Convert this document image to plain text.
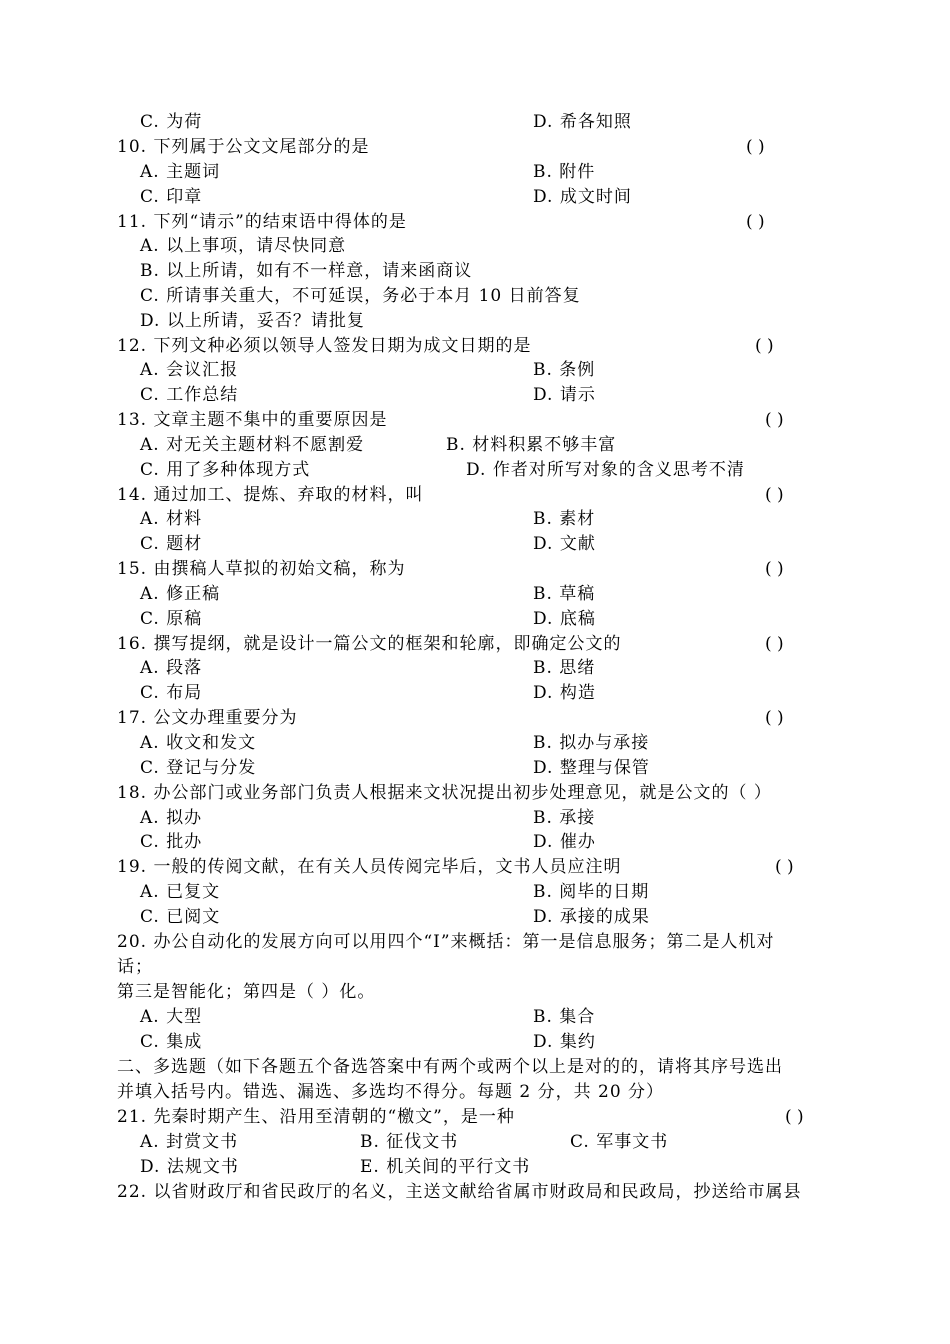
C. 为荷	D. 希各知照
10. 下列属于公文文尾部分的是	( )
A. 主题词	B. 附件
C. 印章	D. 成文时间
11. 下列“请示”的结束语中得体的是	( )
A. 以上事项，请尽快同意
B. 以上所请，如有不一样意，请来函商议
C. 所请事关重大，不可延误，务必于本月 10 日前答复
D. 以上所请，妥否？请批复
12. 下列文种必须以领导人签发日期为成文日期的是	( )
A. 会议汇报	B. 条例
C. 工作总结	D. 请示
13. 文章主题不集中的重要原因是	( )
A. 对无关主题材料不愿割爱	B. 材料积累不够丰富
C. 用了多种体现方式	D. 作者对所写对象的含义思考不清
14. 通过加工、提炼、弃取的材料，叫	( )
A. 材料	B. 素材
C. 题材	D. 文献
15. 由撰稿人草拟的初始文稿，称为	( )
A. 修正稿	B. 草稿
C. 原稿	D. 底稿
16. 撰写提纲，就是设计一篇公文的框架和轮廓，即确定公文的	( )
A. 段落	B. 思绪
C. 布局	D. 构造
17. 公文办理重要分为	( )
A. 收文和发文	B. 拟办与承接
C. 登记与分发	D. 整理与保管
18. 办公部门或业务部门负责人根据来文状况提出初步处理意见，就是公文的（ ）
A. 拟办	B. 承接
C. 批办	D. 催办
19. 一般的传阅文献，在有关人员传阅完毕后，文书人员应注明	( )
A. 已复文	B. 阅毕的日期
C. 已阅文	D. 承接的成果
20. 办公自动化的发展方向可以用四个“I”来概括：第一是信息服务；第二是人机对
话；
第三是智能化；第四是（ ）化。
A. 大型	B. 集合
C. 集成	D. 集约
二、多选题（如下各题五个备选答案中有两个或两个以上是对的的，请将其序号选出
并填入括号内。错选、漏选、多选均不得分。每题 2 分，共 20 分）
21. 先秦时期产生、沿用至清朝的“檄文”，是一种	( )
A. 封赏文书	B. 征伐文书	C. 军事文书
D. 法规文书	E. 机关间的平行文书
22. 以省财政厅和省民政厅的名义，主送文献给省属市财政局和民政局，抄送给市属县
